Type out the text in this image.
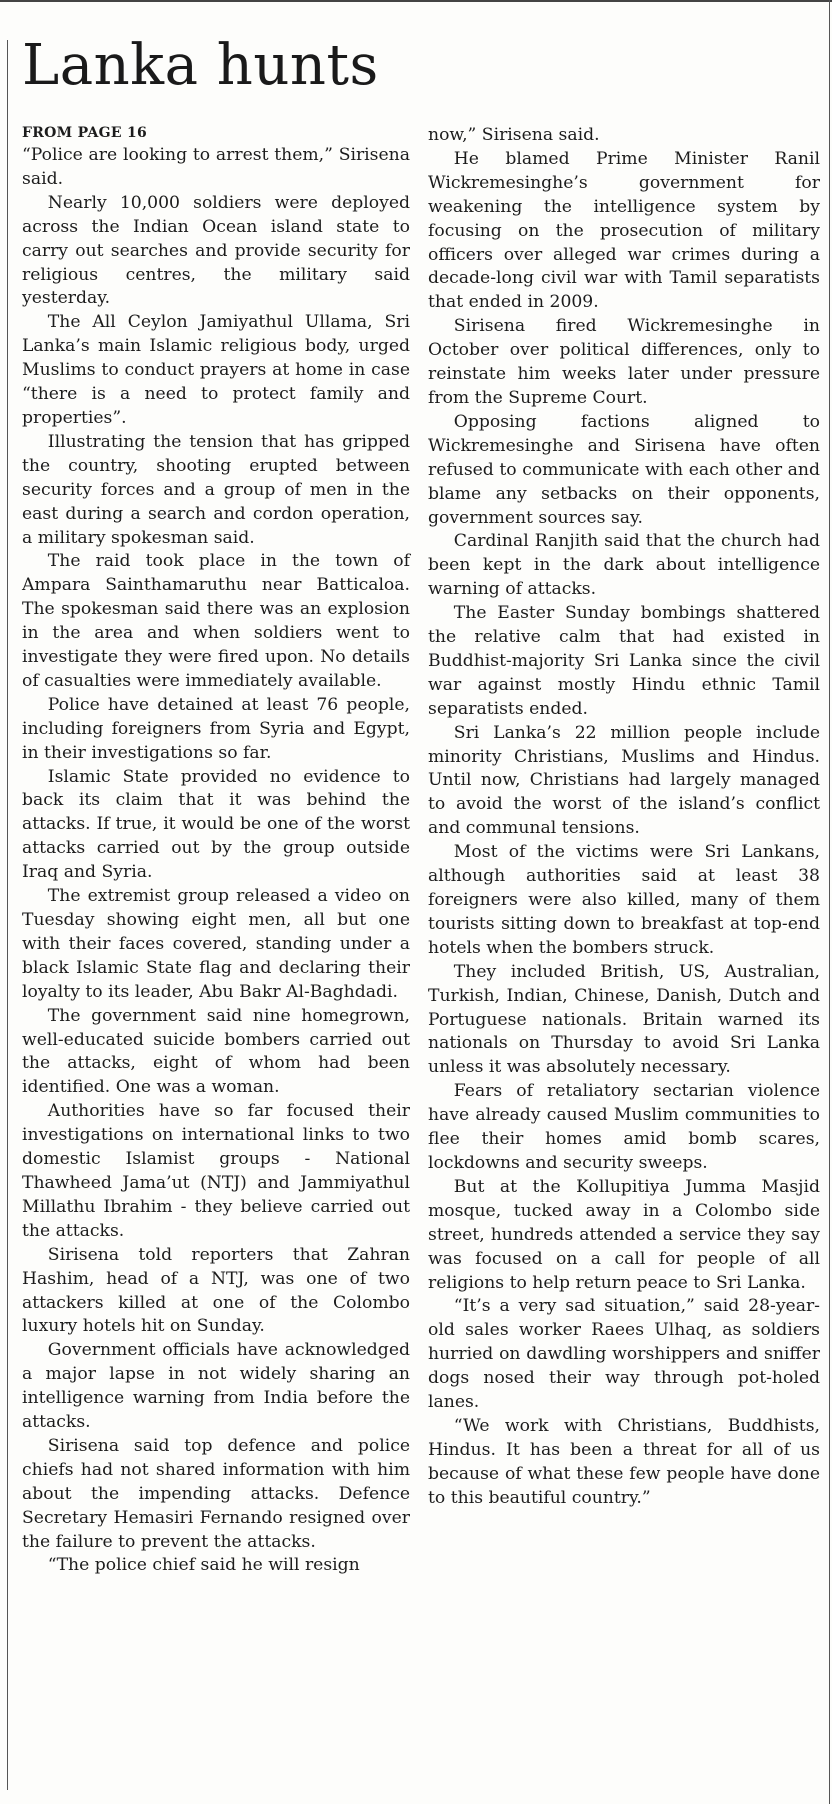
Lanka hunts
FROM PAGE 16

“Police are looking to arrest them,” Sirisena said.

Nearly 10,000 soldiers were deployed across the Indian Ocean island state to carry out searches and provide security for religious centres, the military said yesterday.

The All Ceylon Jamiyathul Ullama, Sri Lanka’s main Islamic religious body, urged Muslims to conduct prayers at home in case “there is a need to protect family and properties”.

Illustrating the tension that has gripped the country, shooting erupted between security forces and a group of men in the east during a search and cordon operation, a military spokesman said.

The raid took place in the town of Ampara Sainthamaruthu near Batticaloa. The spokesman said there was an explosion in the area and when soldiers went to investigate they were fired upon. No details of casualties were immediately available.

Police have detained at least 76 people, including foreigners from Syria and Egypt, in their investigations so far.

Islamic State provided no evidence to back its claim that it was behind the attacks. If true, it would be one of the worst attacks carried out by the group outside Iraq and Syria.

The extremist group released a video on Tuesday showing eight men, all but one with their faces covered, standing under a black Islamic State flag and declaring their loyalty to its leader, Abu Bakr Al-Baghdadi.

The government said nine homegrown, well-educated suicide bombers carried out the attacks, eight of whom had been identified. One was a woman.

Authorities have so far focused their investigations on international links to two domestic Islamist groups - National Thawheed Jama’ut (NTJ) and Jammiyathul Millathu Ibrahim - they believe carried out the attacks.

Sirisena told reporters that Zahran Hashim, head of a NTJ, was one of two attackers killed at one of the Colombo luxury hotels hit on Sunday.

Government officials have acknowledged a major lapse in not widely sharing an intelligence warning from India before the attacks.

Sirisena said top defence and police chiefs had not shared information with him about the impending attacks. Defence Secretary Hemasiri Fernando resigned over the failure to prevent the attacks.

“The police chief said he will resign

now,” Sirisena said.

He blamed Prime Minister Ranil Wickremesinghe’s government for weakening the intelligence system by focusing on the prosecution of military officers over alleged war crimes during a decade-long civil war with Tamil separatists that ended in 2009.

Sirisena fired Wickremesinghe in October over political differences, only to reinstate him weeks later under pressure from the Supreme Court.

Opposing factions aligned to Wickremesinghe and Sirisena have often refused to communicate with each other and blame any setbacks on their opponents, government sources say.

Cardinal Ranjith said that the church had been kept in the dark about intelligence warning of attacks.

The Easter Sunday bombings shattered the relative calm that had existed in Buddhist-majority Sri Lanka since the civil war against mostly Hindu ethnic Tamil separatists ended.

Sri Lanka’s 22 million people include minority Christians, Muslims and Hindus. Until now, Christians had largely managed to avoid the worst of the island’s conflict and communal tensions.

Most of the victims were Sri Lankans, although authorities said at least 38 foreigners were also killed, many of them tourists sitting down to breakfast at top-end hotels when the bombers struck.

They included British, US, Australian, Turkish, Indian, Chinese, Danish, Dutch and Portuguese nationals. Britain warned its nationals on Thursday to avoid Sri Lanka unless it was absolutely necessary.

Fears of retaliatory sectarian violence have already caused Muslim communities to flee their homes amid bomb scares, lockdowns and security sweeps.

But at the Kollupitiya Jumma Masjid mosque, tucked away in a Colombo side street, hundreds attended a service they say was focused on a call for people of all religions to help return peace to Sri Lanka.

“It’s a very sad situation,” said 28-year-old sales worker Raees Ulhaq, as soldiers hurried on dawdling worshippers and sniffer dogs nosed their way through pot-holed lanes.

“We work with Christians, Buddhists, Hindus. It has been a threat for all of us because of what these few people have done to this beautiful country.”
